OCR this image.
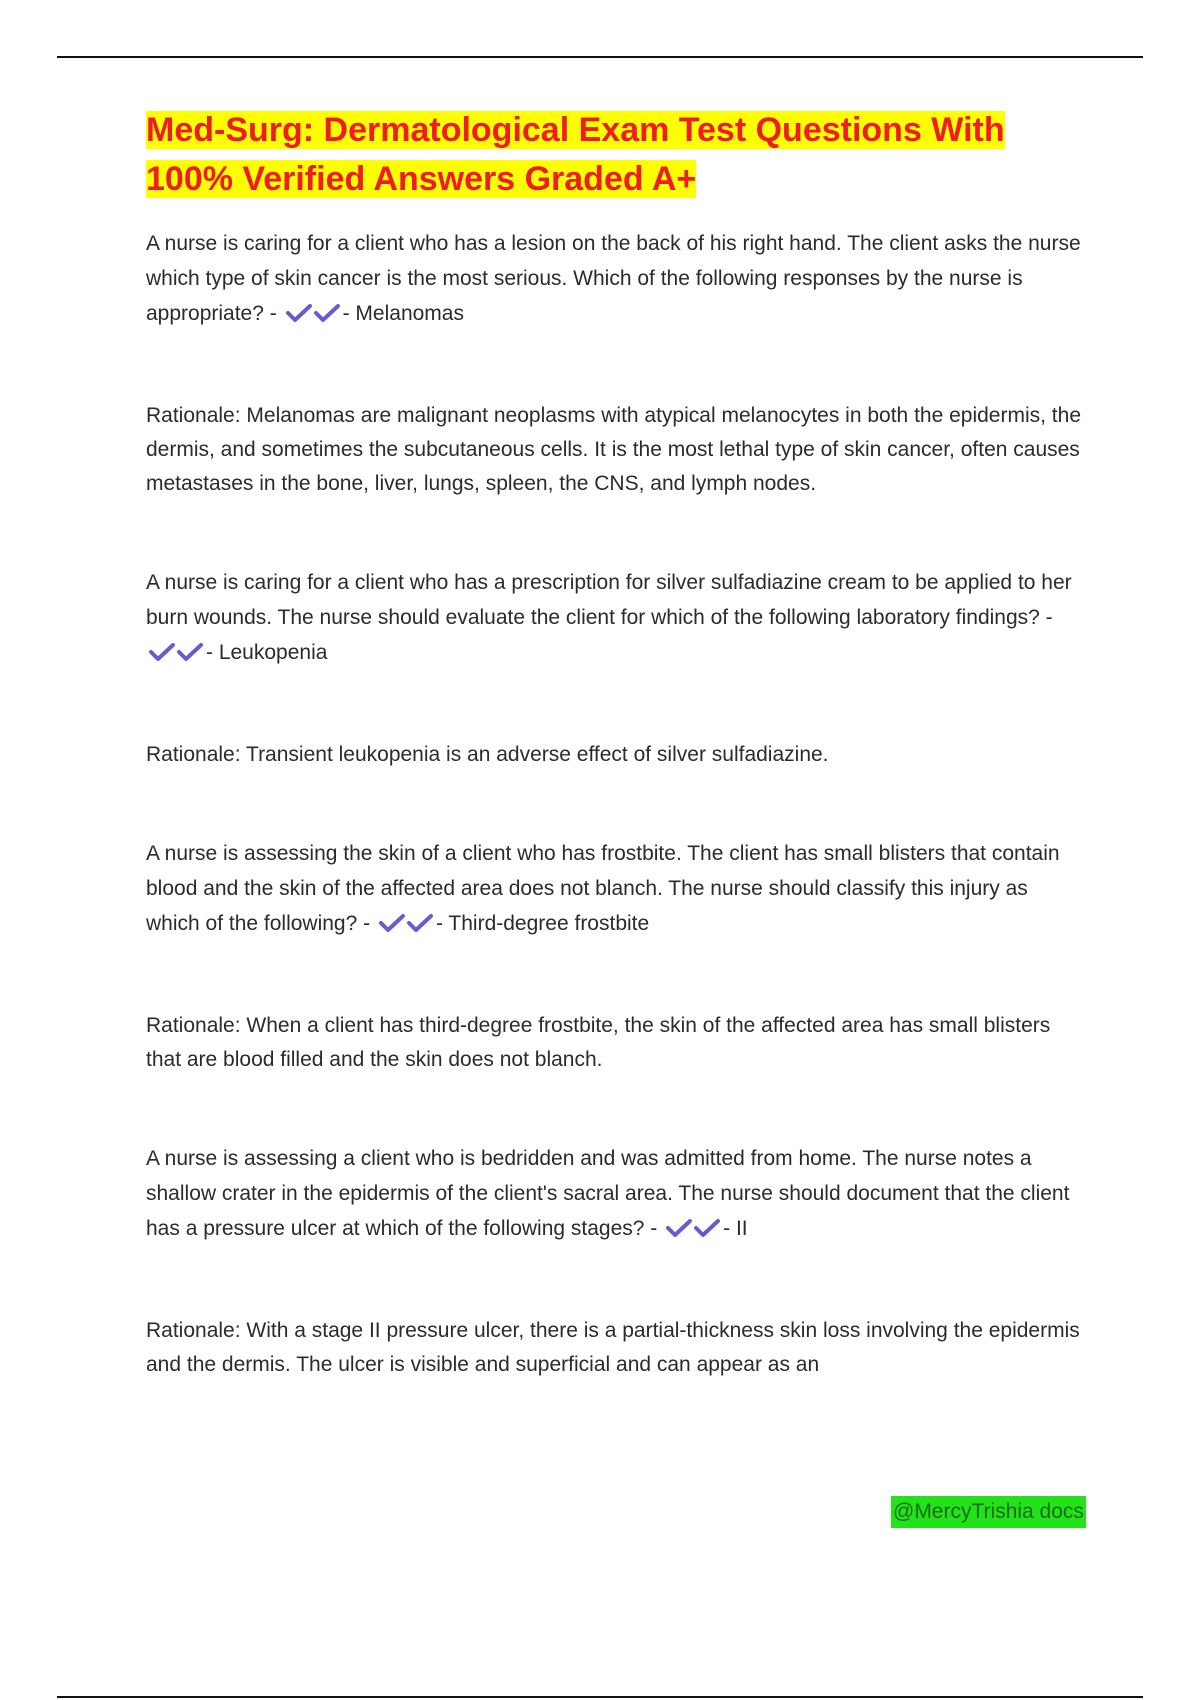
Med-Surg: Dermatological Exam Test Questions With 100% Verified Answers Graded A+

A nurse is caring for a client who has a lesion on the back of his right hand. The client asks the nurse which type of skin cancer is the most serious. Which of the following responses by the nurse is appropriate? -	- Melanomas

Rationale: Melanomas are malignant neoplasms with atypical melanocytes in both the epidermis, the dermis, and sometimes the subcutaneous cells. It is the most lethal type of skin cancer, often causes metastases in the bone, liver, lungs, spleen, the CNS, and lymph nodes.

A nurse is caring for a client who has a prescription for silver sulfadiazine cream to be applied to her burn wounds. The nurse should evaluate the client for which of the following laboratory findings? -
- Leukopenia

Rationale: Transient leukopenia is an adverse effect of silver sulfadiazine.

A nurse is assessing the skin of a client who has frostbite. The client has small blisters that contain blood and the skin of the affected area does not blanch. The nurse should classify this injury as which of the following? -	- Third-degree frostbite

Rationale: When a client has third-degree frostbite, the skin of the affected area has small blisters that are blood filled and the skin does not blanch.

A nurse is assessing a client who is bedridden and was admitted from home. The nurse notes a shallow crater in the epidermis of the client's sacral area. The nurse should document that the client has a pressure ulcer at which of the following stages? -	- II

Rationale: With a stage II pressure ulcer, there is a partial-thickness skin loss involving the epidermis and the dermis. The ulcer is visible and superficial and can appear as an

@MercyTrishia docs
